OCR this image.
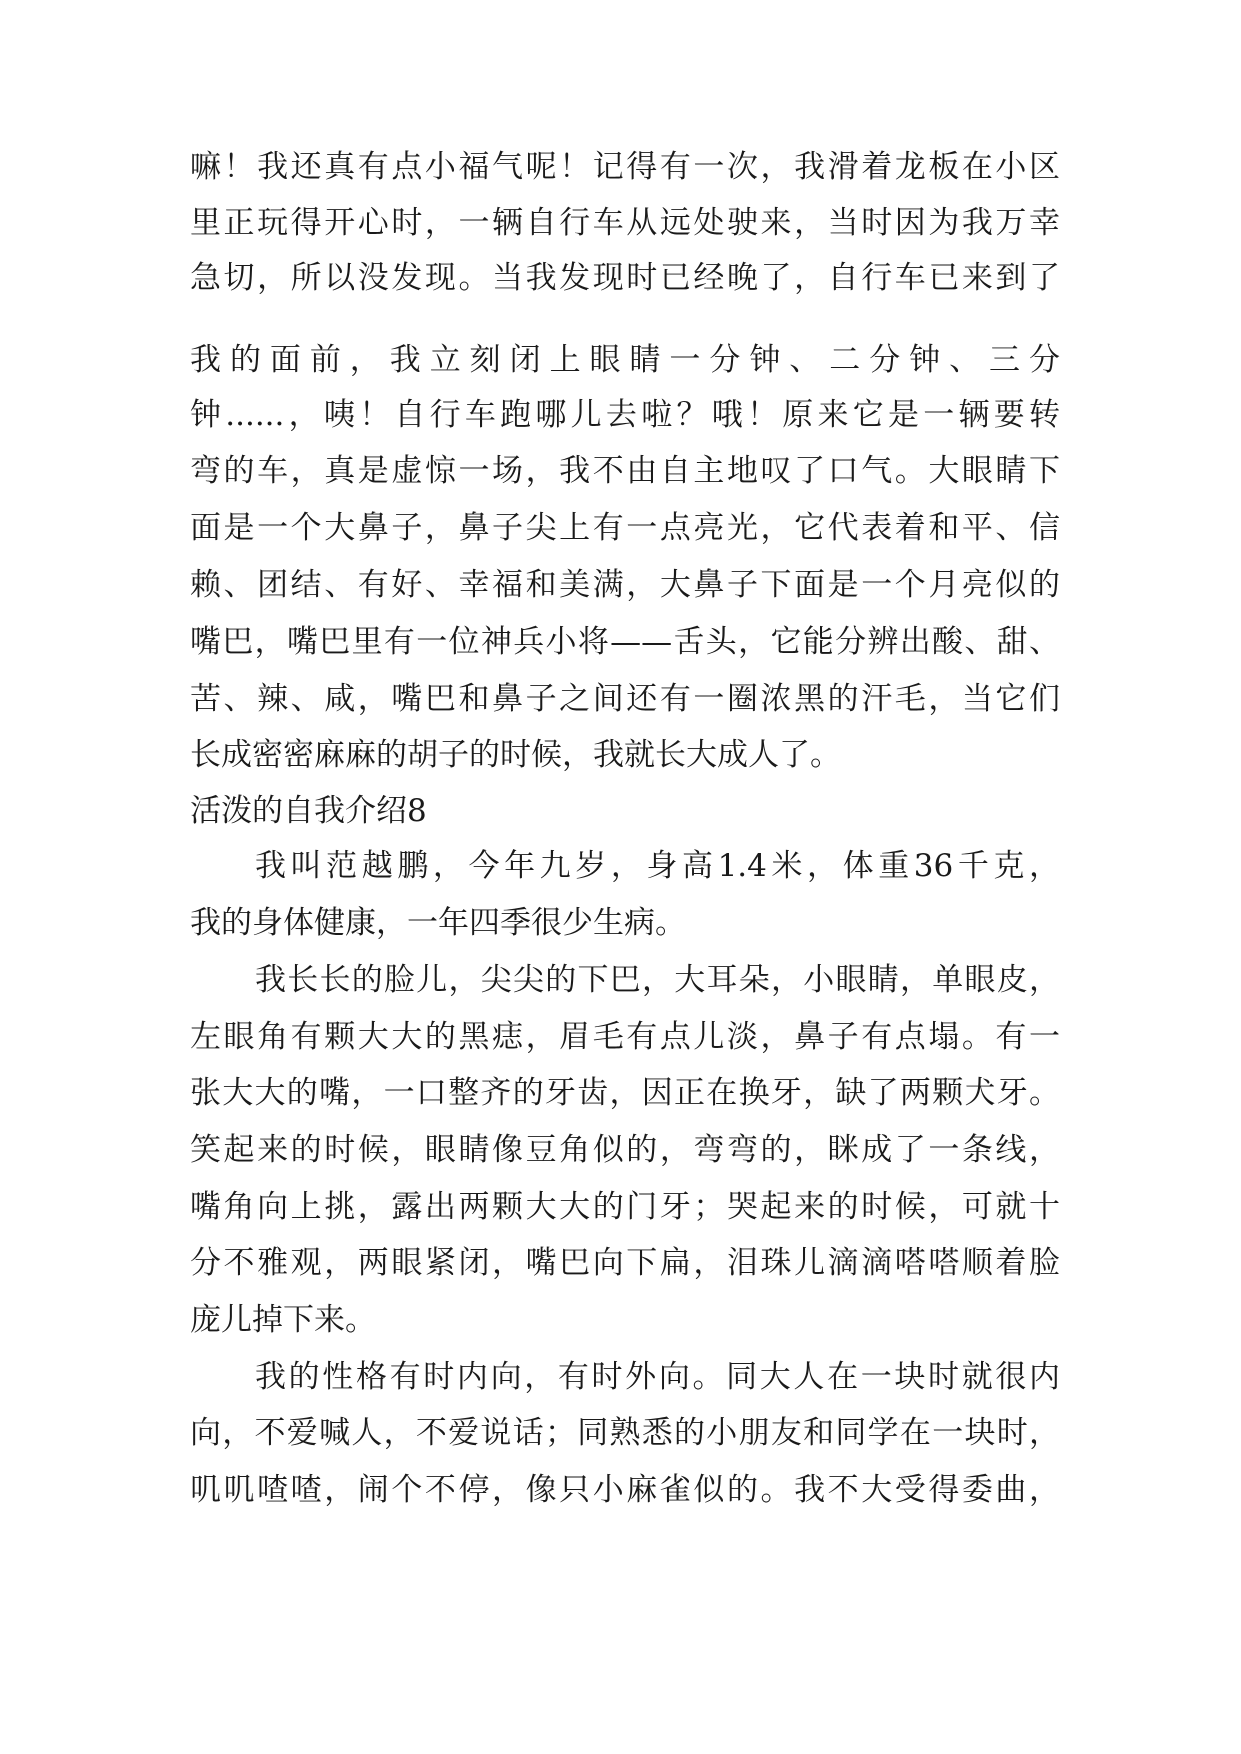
嘛！我还真有点小福气呢！记得有一次，我滑着龙板在小区
里正玩得开心时，一辆自行车从远处驶来，当时因为我万幸
急切，所以没发现。当我发现时已经晚了，自行车已来到了
我的面前，我立刻闭上眼睛一分钟、二分钟、三分
钟......，咦！自行车跑哪儿去啦？哦！原来它是一辆要转
弯的车，真是虚惊一场，我不由自主地叹了口气。大眼睛下
面是一个大鼻子，鼻子尖上有一点亮光，它代表着和平、信
赖、团结、有好、幸福和美满，大鼻子下面是一个月亮似的
嘴巴，嘴巴里有一位神兵小将——舌头，它能分辨出酸、甜、
苦、辣、咸，嘴巴和鼻子之间还有一圈浓黑的汗毛，当它们
长成密密麻麻的胡子的时候，我就长大成人了。
活泼的自我介绍8
我叫范越鹏，今年九岁，身高1.4米，体重36千克，
我的身体健康，一年四季很少生病。
我长长的脸儿，尖尖的下巴，大耳朵，小眼睛，单眼皮，
左眼角有颗大大的黑痣，眉毛有点儿淡，鼻子有点塌。有一
张大大的嘴，一口整齐的牙齿，因正在换牙，缺了两颗犬牙。
笑起来的时候，眼睛像豆角似的，弯弯的，眯成了一条线，
嘴角向上挑，露出两颗大大的门牙；哭起来的时候，可就十
分不雅观，两眼紧闭，嘴巴向下扁，泪珠儿滴滴嗒嗒顺着脸
庞儿掉下来。
我的性格有时内向，有时外向。同大人在一块时就很内
向，不爱喊人，不爱说话；同熟悉的小朋友和同学在一块时，
叽叽喳喳，闹个不停，像只小麻雀似的。我不大受得委曲，
